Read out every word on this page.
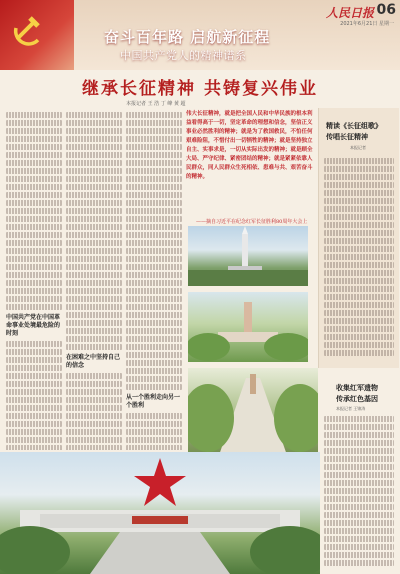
奋斗百年路 启航新征程
中国共产党人的精神谱系
人民日报 06
2021年6月21日 星期一
继承长征精神 共铸复兴伟业
本报记者 王 浩 丁 峰 黄 超
中国共产党在中国革命事业处境最危险的时刻
在困难之中坚持自己的信念
从一个胜利走向另一个胜利
伟大长征精神，就是把全国人民和中华民族的根本利益看得高于一切，坚定革命的理想和信念，坚信正义事业必然胜利的精神；就是为了救国救民，不怕任何艰难险阻，不惜付出一切牺牲的精神；就是坚持独立自主、实事求是，一切从实际出发的精神；就是顾全大局、严守纪律、紧密团结的精神；就是紧紧依靠人民群众，同人民群众生死相依、患难与共、艰苦奋斗的精神。
——摘自习近平在纪念红军长征胜利80周年大会上
精读《长征组歌》
传唱长征精神
本报记者
收集红军遗物
传承红色基因
本报记者 王锦涛
